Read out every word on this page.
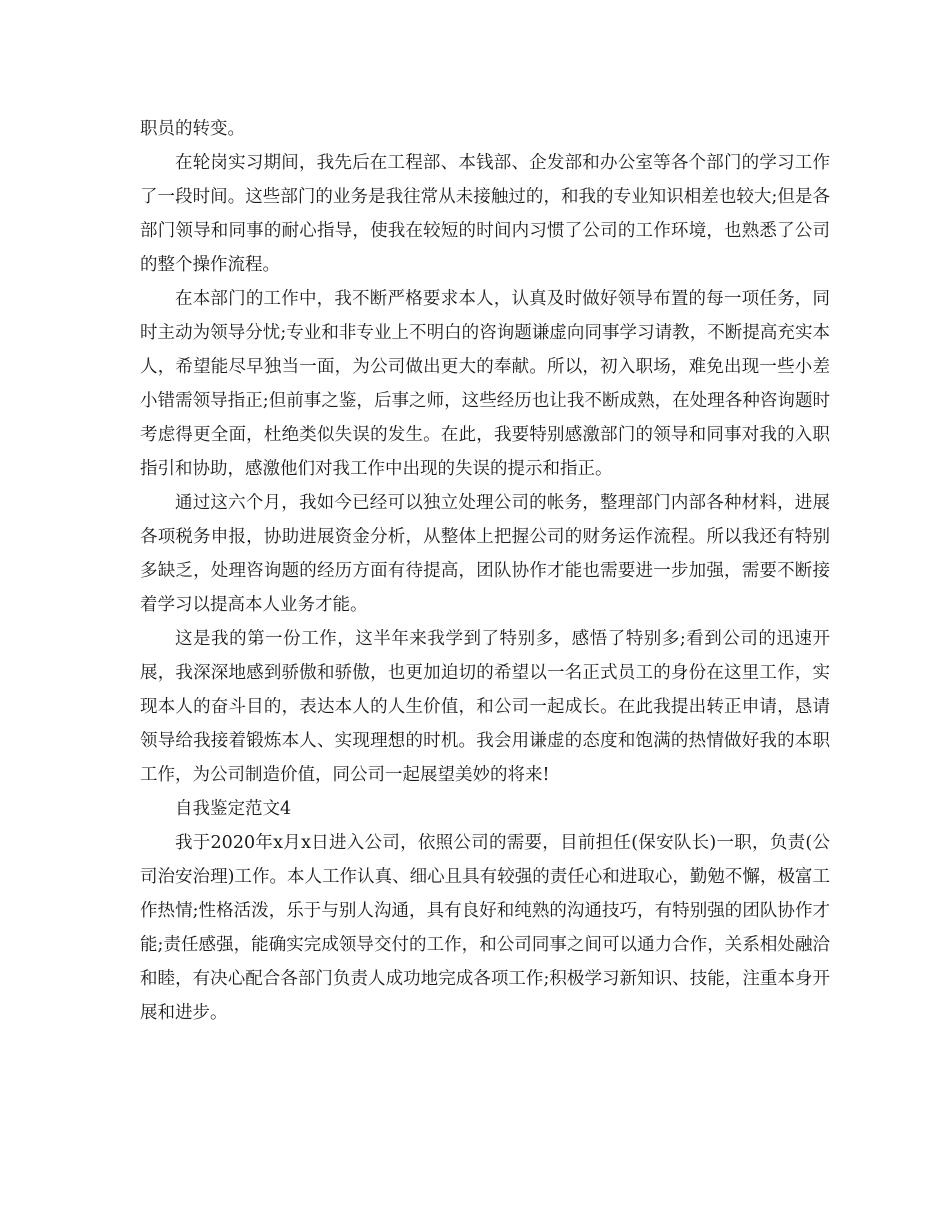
职员的转变。

在轮岗实习期间，我先后在工程部、本钱部、企发部和办公室等各个部门的学习工作了一段时间。这些部门的业务是我往常从未接触过的，和我的专业知识相差也较大;但是各部门领导和同事的耐心指导，使我在较短的时间内习惯了公司的工作环境，也熟悉了公司的整个操作流程。

在本部门的工作中，我不断严格要求本人，认真及时做好领导布置的每一项任务，同时主动为领导分忧;专业和非专业上不明白的咨询题谦虚向同事学习请教，不断提高充实本人，希望能尽早独当一面，为公司做出更大的奉献。所以，初入职场，难免出现一些小差小错需领导指正;但前事之鉴，后事之师，这些经历也让我不断成熟，在处理各种咨询题时考虑得更全面，杜绝类似失误的发生。在此，我要特别感激部门的领导和同事对我的入职指引和协助，感激他们对我工作中出现的失误的提示和指正。

通过这六个月，我如今已经可以独立处理公司的帐务，整理部门内部各种材料，进展各项税务申报，协助进展资金分析，从整体上把握公司的财务运作流程。所以我还有特别多缺乏，处理咨询题的经历方面有待提高，团队协作才能也需要进一步加强，需要不断接着学习以提高本人业务才能。

这是我的第一份工作，这半年来我学到了特别多，感悟了特别多;看到公司的迅速开展，我深深地感到骄傲和骄傲，也更加迫切的希望以一名正式员工的身份在这里工作，实现本人的奋斗目的，表达本人的人生价值，和公司一起成长。在此我提出转正申请，恳请领导给我接着锻炼本人、实现理想的时机。我会用谦虚的态度和饱满的热情做好我的本职工作，为公司制造价值，同公司一起展望美妙的将来!

自我鉴定范文4

我于2020年x月x日进入公司，依照公司的需要，目前担任(保安队长)一职，负责(公司治安治理)工作。本人工作认真、细心且具有较强的责任心和进取心，勤勉不懈，极富工作热情;性格活泼，乐于与别人沟通，具有良好和纯熟的沟通技巧，有特别强的团队协作才能;责任感强，能确实完成领导交付的工作，和公司同事之间可以通力合作，关系相处融洽和睦，有决心配合各部门负责人成功地完成各项工作;积极学习新知识、技能，注重本身开展和进步。
